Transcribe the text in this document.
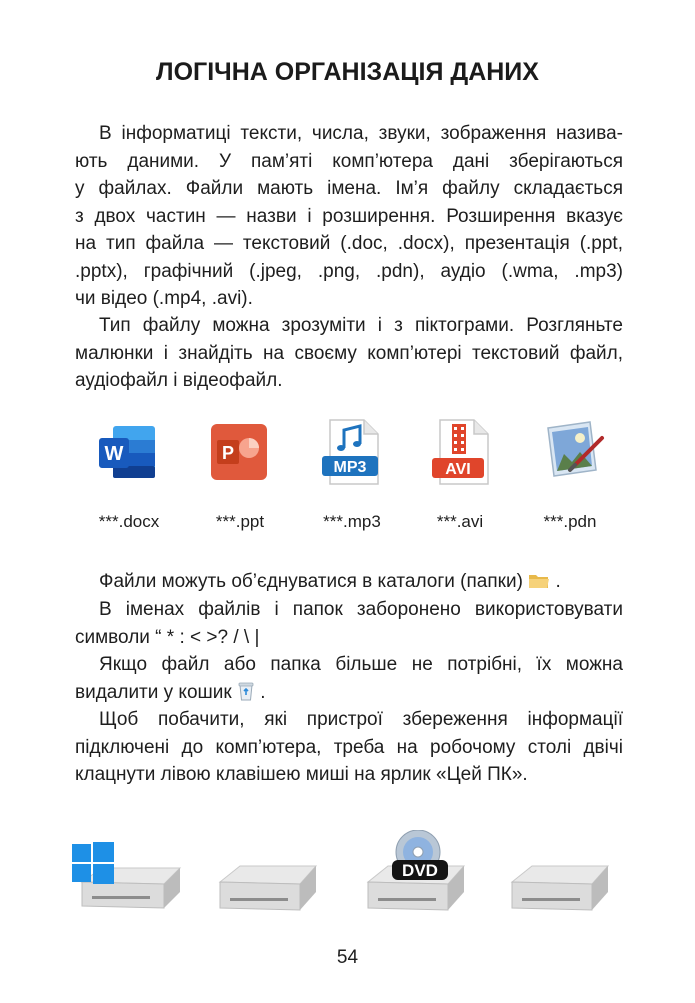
ЛОГІЧНА ОРГАНІЗАЦІЯ ДАНИХ
В інформатиці тексти, числа, звуки, зображення назива-
ють даними. У пам’яті комп’ютера дані зберігаються
у файлах. Файли мають імена. Ім’я файлу складається
з двох частин — назви і розширення. Розширення вказує
на тип файла — текстовий (.doc, .docx), презентація (.ppt,
.pptx), графічний (.jpeg, .png, .pdn), аудіо (.wma, .mp3)
чи відео (.mp4, .avi).
Тип файлу можна зрозуміти і з піктограми. Розгляньте
малюнки і знайдіть на своєму комп’ютері текстовий файл,
аудіофайл і відеофайл.
W	P
MP3	AVI
***.docx	***.ppt	***.mp3	***.avi	***.pdn
Файли можуть об’єднуватися в каталоги (папки) .
В іменах файлів і папок заборонено використовувати
символи “ * : < >? / \ |
Якщо файл або папка більше не потрібні, їх можна
видалити у кошик .
Щоб побачити, які пристрої збереження інформації
підключені до комп’ютера, треба на робочому столі двічі
клацнути лівою клавішею миші на ярлик «Цей ПК».
DVD
54
